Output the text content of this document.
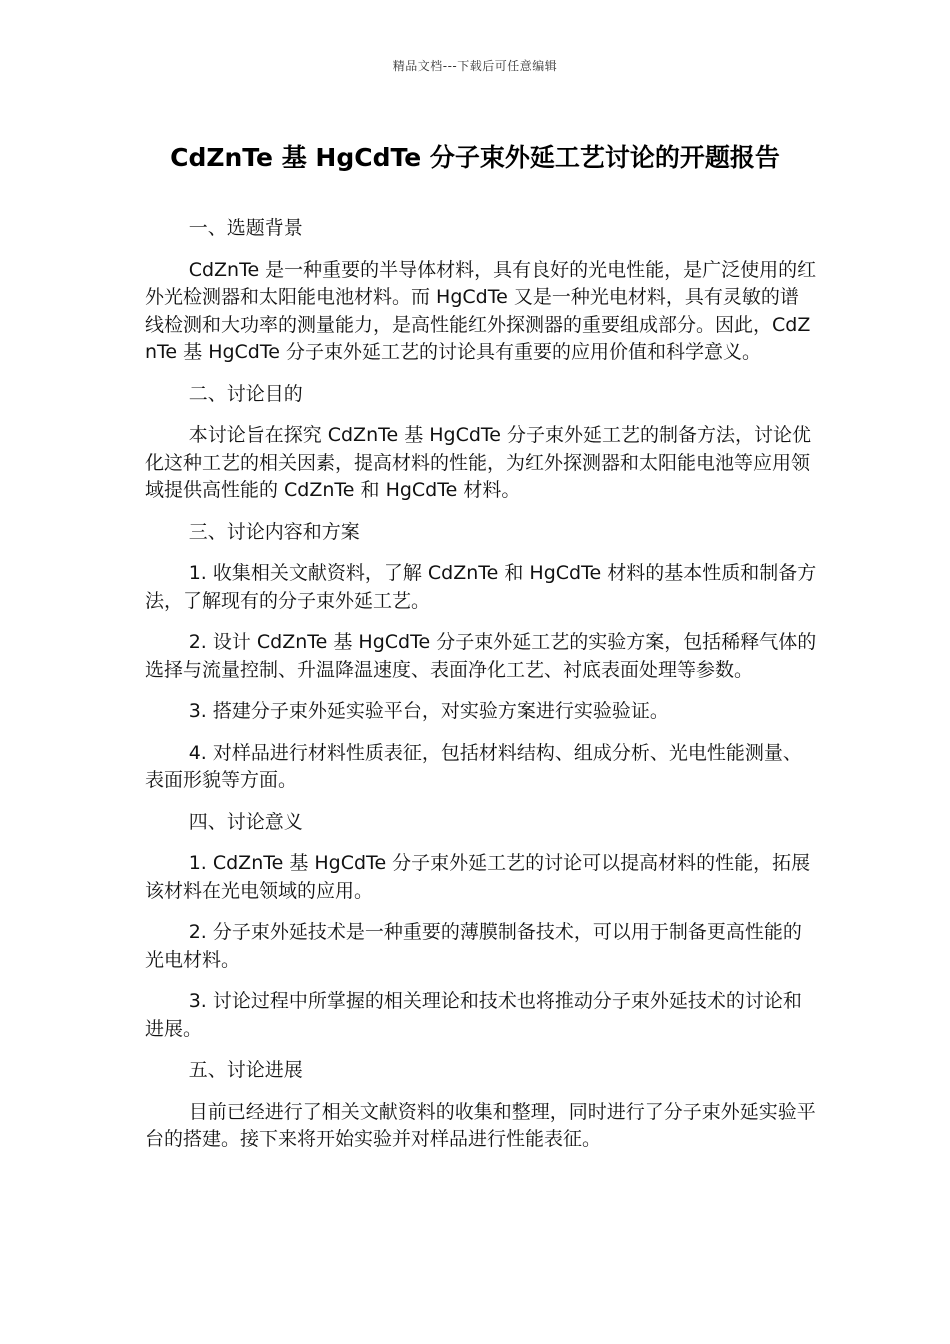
精品文档---下载后可任意编辑
CdZnTe 基 HgCdTe 分子束外延工艺讨论的开题报告

一、选题背景

CdZnTe 是一种重要的半导体材料，具有良好的光电性能，是广泛使用的红外光检测器和太阳能电池材料。而 HgCdTe 又是一种光电材料，具有灵敏的谱线检测和大功率的测量能力，是高性能红外探测器的重要组成部分。因此，CdZnTe 基 HgCdTe 分子束外延工艺的讨论具有重要的应用价值和科学意义。

二、讨论目的

本讨论旨在探究 CdZnTe 基 HgCdTe 分子束外延工艺的制备方法，讨论优化这种工艺的相关因素，提高材料的性能，为红外探测器和太阳能电池等应用领域提供高性能的 CdZnTe 和 HgCdTe 材料。

三、讨论内容和方案

1. 收集相关文献资料，了解 CdZnTe 和 HgCdTe 材料的基本性质和制备方法，了解现有的分子束外延工艺。

2. 设计 CdZnTe 基 HgCdTe 分子束外延工艺的实验方案，包括稀释气体的选择与流量控制、升温降温速度、表面净化工艺、衬底表面处理等参数。

3. 搭建分子束外延实验平台，对实验方案进行实验验证。

4. 对样品进行材料性质表征，包括材料结构、组成分析、光电性能测量、表面形貌等方面。

四、讨论意义

1. CdZnTe 基 HgCdTe 分子束外延工艺的讨论可以提高材料的性能，拓展该材料在光电领域的应用。

2. 分子束外延技术是一种重要的薄膜制备技术，可以用于制备更高性能的光电材料。

3. 讨论过程中所掌握的相关理论和技术也将推动分子束外延技术的讨论和进展。

五、讨论进展

目前已经进行了相关文献资料的收集和整理，同时进行了分子束外延实验平台的搭建。接下来将开始实验并对样品进行性能表征。
